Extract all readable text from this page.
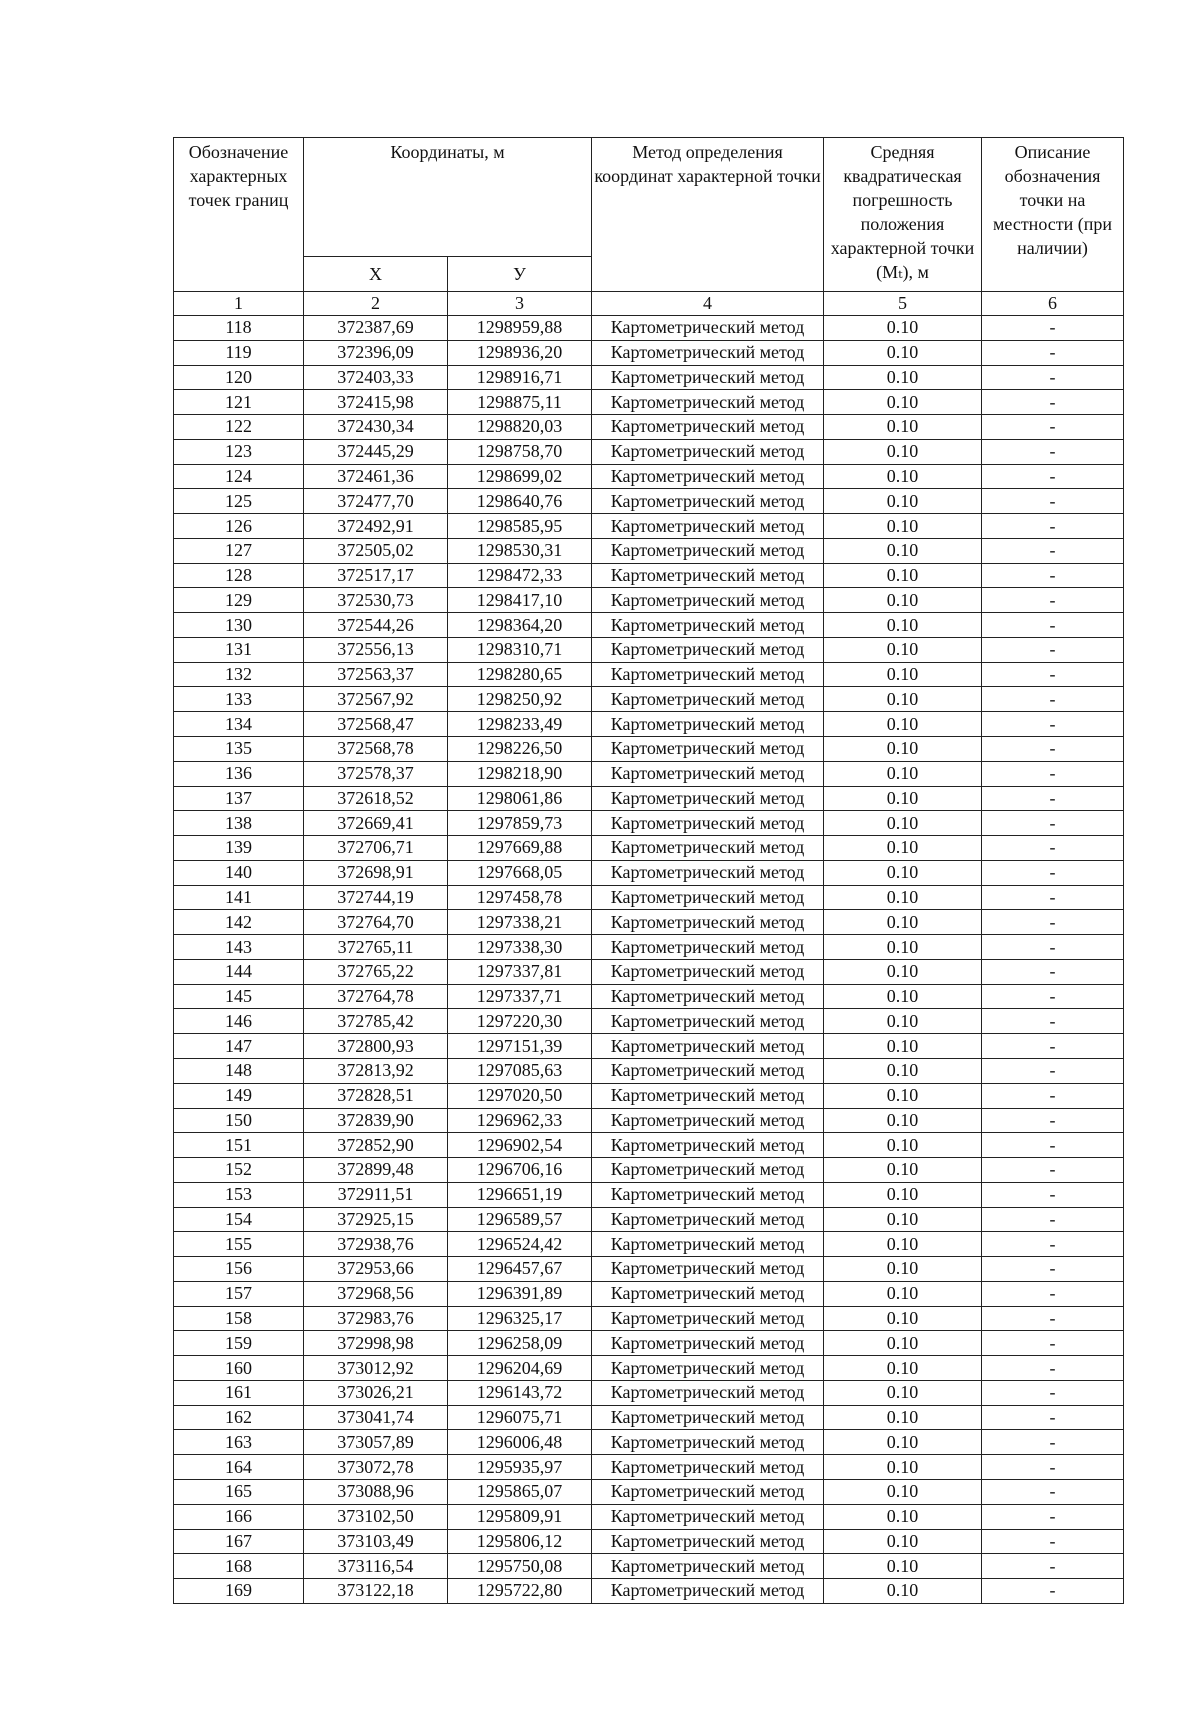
Обозначение характерных точек границ	Координаты, м		Метод определения координат характерной точки	Средняя квадратическая погрешность положения характерной точки (Mₜ), м	Описание обозначения точки на местности (при наличии)
	Х	У			
1	2	3	4	5	6
118	372387,69	1298959,88	Картометрический метод	0.10	-
119	372396,09	1298936,20	Картометрический метод	0.10	-
120	372403,33	1298916,71	Картометрический метод	0.10	-
121	372415,98	1298875,11	Картометрический метод	0.10	-
122	372430,34	1298820,03	Картометрический метод	0.10	-
123	372445,29	1298758,70	Картометрический метод	0.10	-
124	372461,36	1298699,02	Картометрический метод	0.10	-
125	372477,70	1298640,76	Картометрический метод	0.10	-
126	372492,91	1298585,95	Картометрический метод	0.10	-
127	372505,02	1298530,31	Картометрический метод	0.10	-
128	372517,17	1298472,33	Картометрический метод	0.10	-
129	372530,73	1298417,10	Картометрический метод	0.10	-
130	372544,26	1298364,20	Картометрический метод	0.10	-
131	372556,13	1298310,71	Картометрический метод	0.10	-
132	372563,37	1298280,65	Картометрический метод	0.10	-
133	372567,92	1298250,92	Картометрический метод	0.10	-
134	372568,47	1298233,49	Картометрический метод	0.10	-
135	372568,78	1298226,50	Картометрический метод	0.10	-
136	372578,37	1298218,90	Картометрический метод	0.10	-
137	372618,52	1298061,86	Картометрический метод	0.10	-
138	372669,41	1297859,73	Картометрический метод	0.10	-
139	372706,71	1297669,88	Картометрический метод	0.10	-
140	372698,91	1297668,05	Картометрический метод	0.10	-
141	372744,19	1297458,78	Картометрический метод	0.10	-
142	372764,70	1297338,21	Картометрический метод	0.10	-
143	372765,11	1297338,30	Картометрический метод	0.10	-
144	372765,22	1297337,81	Картометрический метод	0.10	-
145	372764,78	1297337,71	Картометрический метод	0.10	-
146	372785,42	1297220,30	Картометрический метод	0.10	-
147	372800,93	1297151,39	Картометрический метод	0.10	-
148	372813,92	1297085,63	Картометрический метод	0.10	-
149	372828,51	1297020,50	Картометрический метод	0.10	-
150	372839,90	1296962,33	Картометрический метод	0.10	-
151	372852,90	1296902,54	Картометрический метод	0.10	-
152	372899,48	1296706,16	Картометрический метод	0.10	-
153	372911,51	1296651,19	Картометрический метод	0.10	-
154	372925,15	1296589,57	Картометрический метод	0.10	-
155	372938,76	1296524,42	Картометрический метод	0.10	-
156	372953,66	1296457,67	Картометрический метод	0.10	-
157	372968,56	1296391,89	Картометрический метод	0.10	-
158	372983,76	1296325,17	Картометрический метод	0.10	-
159	372998,98	1296258,09	Картометрический метод	0.10	-
160	373012,92	1296204,69	Картометрический метод	0.10	-
161	373026,21	1296143,72	Картометрический метод	0.10	-
162	373041,74	1296075,71	Картометрический метод	0.10	-
163	373057,89	1296006,48	Картометрический метод	0.10	-
164	373072,78	1295935,97	Картометрический метод	0.10	-
165	373088,96	1295865,07	Картометрический метод	0.10	-
166	373102,50	1295809,91	Картометрический метод	0.10	-
167	373103,49	1295806,12	Картометрический метод	0.10	-
168	373116,54	1295750,08	Картометрический метод	0.10	-
169	373122,18	1295722,80	Картометрический метод	0.10	-
